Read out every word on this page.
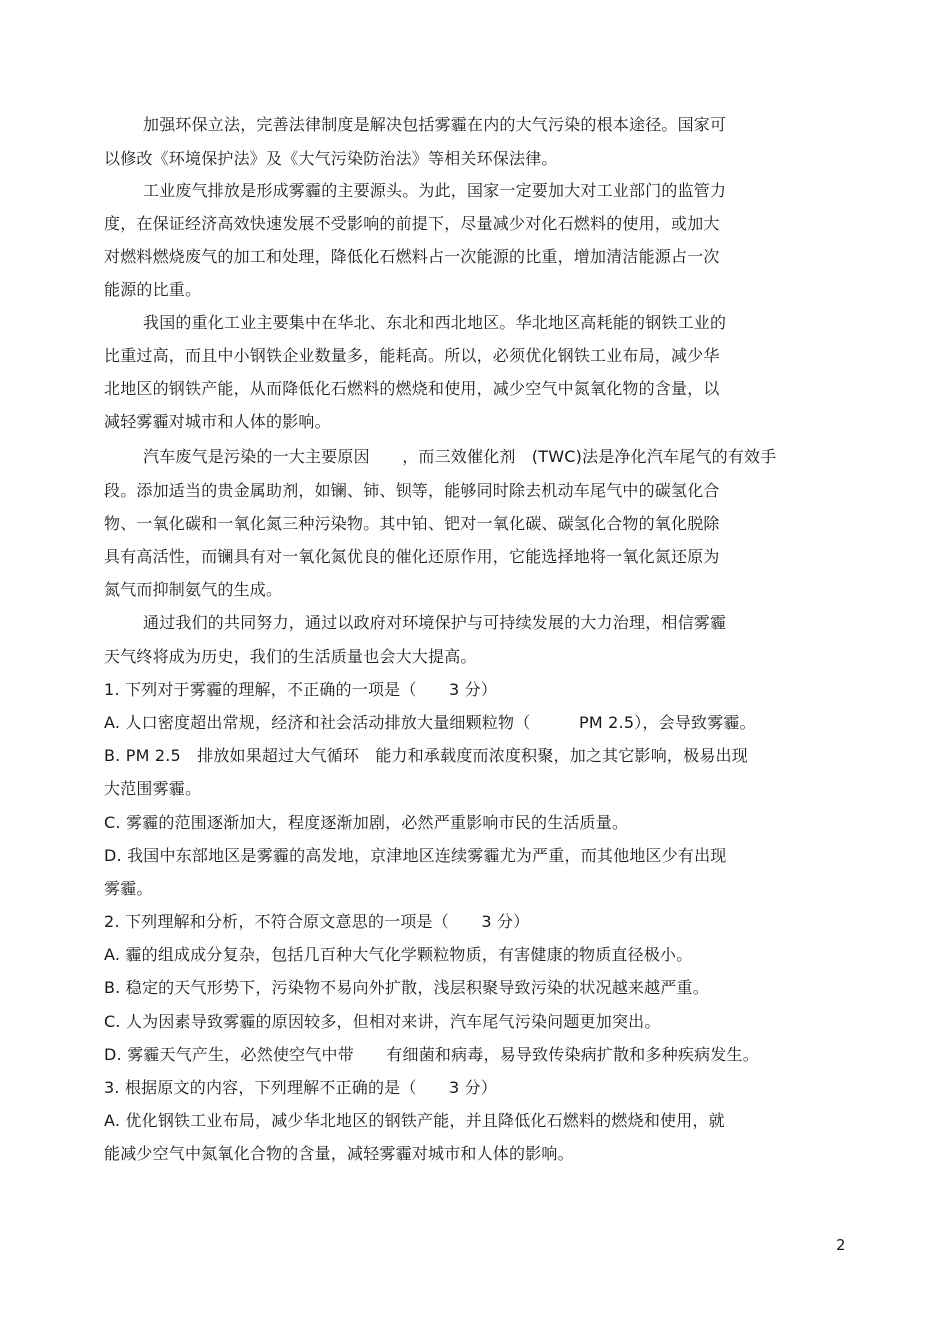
加强环保立法，完善法律制度是解决包括雾霾在内的大气污染的根本途径。国家可
以修改《环境保护法》及《大气污染防治法》等相关环保法律。
工业废气排放是形成雾霾的主要源头。为此，国家一定要加大对工业部门的监管力
度，在保证经济高效快速发展不受影响的前提下，尽量减少对化石燃料的使用，或加大
对燃料燃烧废气的加工和处理，降低化石燃料占一次能源的比重，增加清洁能源占一次
能源的比重。
我国的重化工业主要集中在华北、东北和西北地区。华北地区高耗能的钢铁工业的
比重过高，而且中小钢铁企业数量多，能耗高。所以，必须优化钢铁工业布局，减少华
北地区的钢铁产能，从而降低化石燃料的燃烧和使用，减少空气中氮氧化物的含量，以
减轻雾霾对城市和人体的影响。
汽车废气是污染的一大主要原因　　，而三效催化剂　(TWC)法是净化汽车尾气的有效手
段。添加适当的贵金属助剂，如镧、铈、钡等，能够同时除去机动车尾气中的碳氢化合
物、一氧化碳和一氧化氮三种污染物。其中铂、钯对一氧化碳、碳氢化合物的氧化脱除
具有高活性，而镧具有对一氧化氮优良的催化还原作用，它能选择地将一氧化氮还原为
氮气而抑制氨气的生成。
通过我们的共同努力，通过以政府对环境保护与可持续发展的大力治理，相信雾霾
天气终将成为历史，我们的生活质量也会大大提高。
1. 下列对于雾霾的理解，不正确的一项是（　　3 分）
A. 人口密度超出常规，经济和社会活动排放大量细颗粒物（　　　PM 2.5），会导致雾霾。
B. PM 2.5　排放如果超过大气循环　能力和承载度而浓度积聚，加之其它影响，极易出现
大范围雾霾。
C. 雾霾的范围逐渐加大，程度逐渐加剧，必然严重影响市民的生活质量。
D. 我国中东部地区是雾霾的高发地，京津地区连续雾霾尤为严重，而其他地区少有出现
雾霾。
2. 下列理解和分析，不符合原文意思的一项是（　　3 分）
A. 霾的组成成分复杂，包括几百种大气化学颗粒物质，有害健康的物质直径极小。
B. 稳定的天气形势下，污染物不易向外扩散，浅层积聚导致污染的状况越来越严重。
C. 人为因素导致雾霾的原因较多，但相对来讲，汽车尾气污染问题更加突出。
D. 雾霾天气产生，必然使空气中带　　有细菌和病毒，易导致传染病扩散和多种疾病发生。
3. 根据原文的内容，下列理解不正确的是（　　3 分）
A. 优化钢铁工业布局，减少华北地区的钢铁产能，并且降低化石燃料的燃烧和使用，就
能减少空气中氮氧化合物的含量，减轻雾霾对城市和人体的影响。
2
